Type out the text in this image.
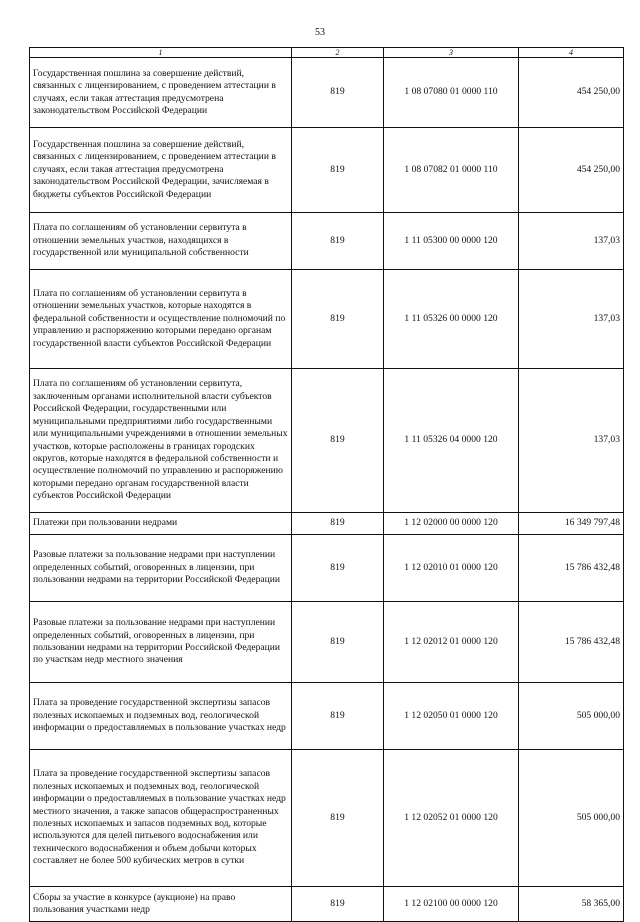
53
1	2	3	4
Государственная пошлина за совершение действий, связанных с лицензированием, с проведением аттестации в случаях, если такая аттестация предусмотрена законодательством Российской Федерации	819	1 08 07080 01 0000 110	454 250,00
Государственная пошлина за совершение действий, связанных с лицензированием, с проведением аттестации в случаях, если такая аттестация предусмотрена законодательством Российской Федерации, зачисляемая в бюджеты субъектов Российской Федерации	819	1 08 07082 01 0000 110	454 250,00
Плата по соглашениям об установлении сервитута в отношении земельных участков, находящихся в государственной или муниципальной собственности	819	1 11 05300 00 0000 120	137,03
Плата по соглашениям об установлении сервитута в отношении земельных участков, которые находятся в федеральной собственности и осуществление полномочий по управлению и распоряжению которыми передано органам государственной власти субъектов Российской Федерации	819	1 11 05326 00 0000 120	137,03
Плата по соглашениям об установлении сервитута, заключенным органами исполнительной власти субъектов Российской Федерации, государственными или муниципальными предприятиями либо государственными или муниципальными учреждениями в отношении земельных участков, которые расположены в границах городских округов, которые находятся в федеральной собственности и осуществление полномочий по управлению и распоряжению которыми передано органам государственной власти субъектов Российской Федерации	819	1 11 05326 04 0000 120	137,03
Платежи при пользовании недрами	819	1 12 02000 00 0000 120	16 349 797,48
Разовые платежи за пользование недрами при наступлении определенных событий, оговоренных в лицензии, при пользовании недрами на территории Российской Федерации	819	1 12 02010 01 0000 120	15 786 432,48
Разовые платежи за пользование недрами при наступлении определенных событий, оговоренных в лицензии, при пользовании недрами на территории Российской Федерации по участкам недр местного значения	819	1 12 02012 01 0000 120	15 786 432,48
Плата за проведение государственной экспертизы запасов полезных ископаемых и подземных вод, геологической информации о предоставляемых в пользование участках недр	819	1 12 02050 01 0000 120	505 000,00
Плата за проведение государственной экспертизы запасов полезных ископаемых и подземных вод, геологической информации о предоставляемых в пользование участках недр местного значения, а также запасов общераспространенных полезных ископаемых и запасов подземных вод, которые используются для целей питьевого водоснабжения или технического водоснабжения и объем добычи которых составляет не более 500 кубических метров в сутки	819	1 12 02052 01 0000 120	505 000,00
Сборы за участие в конкурсе (аукционе) на право пользования участками недр	819	1 12 02100 00 0000 120	58 365,00
